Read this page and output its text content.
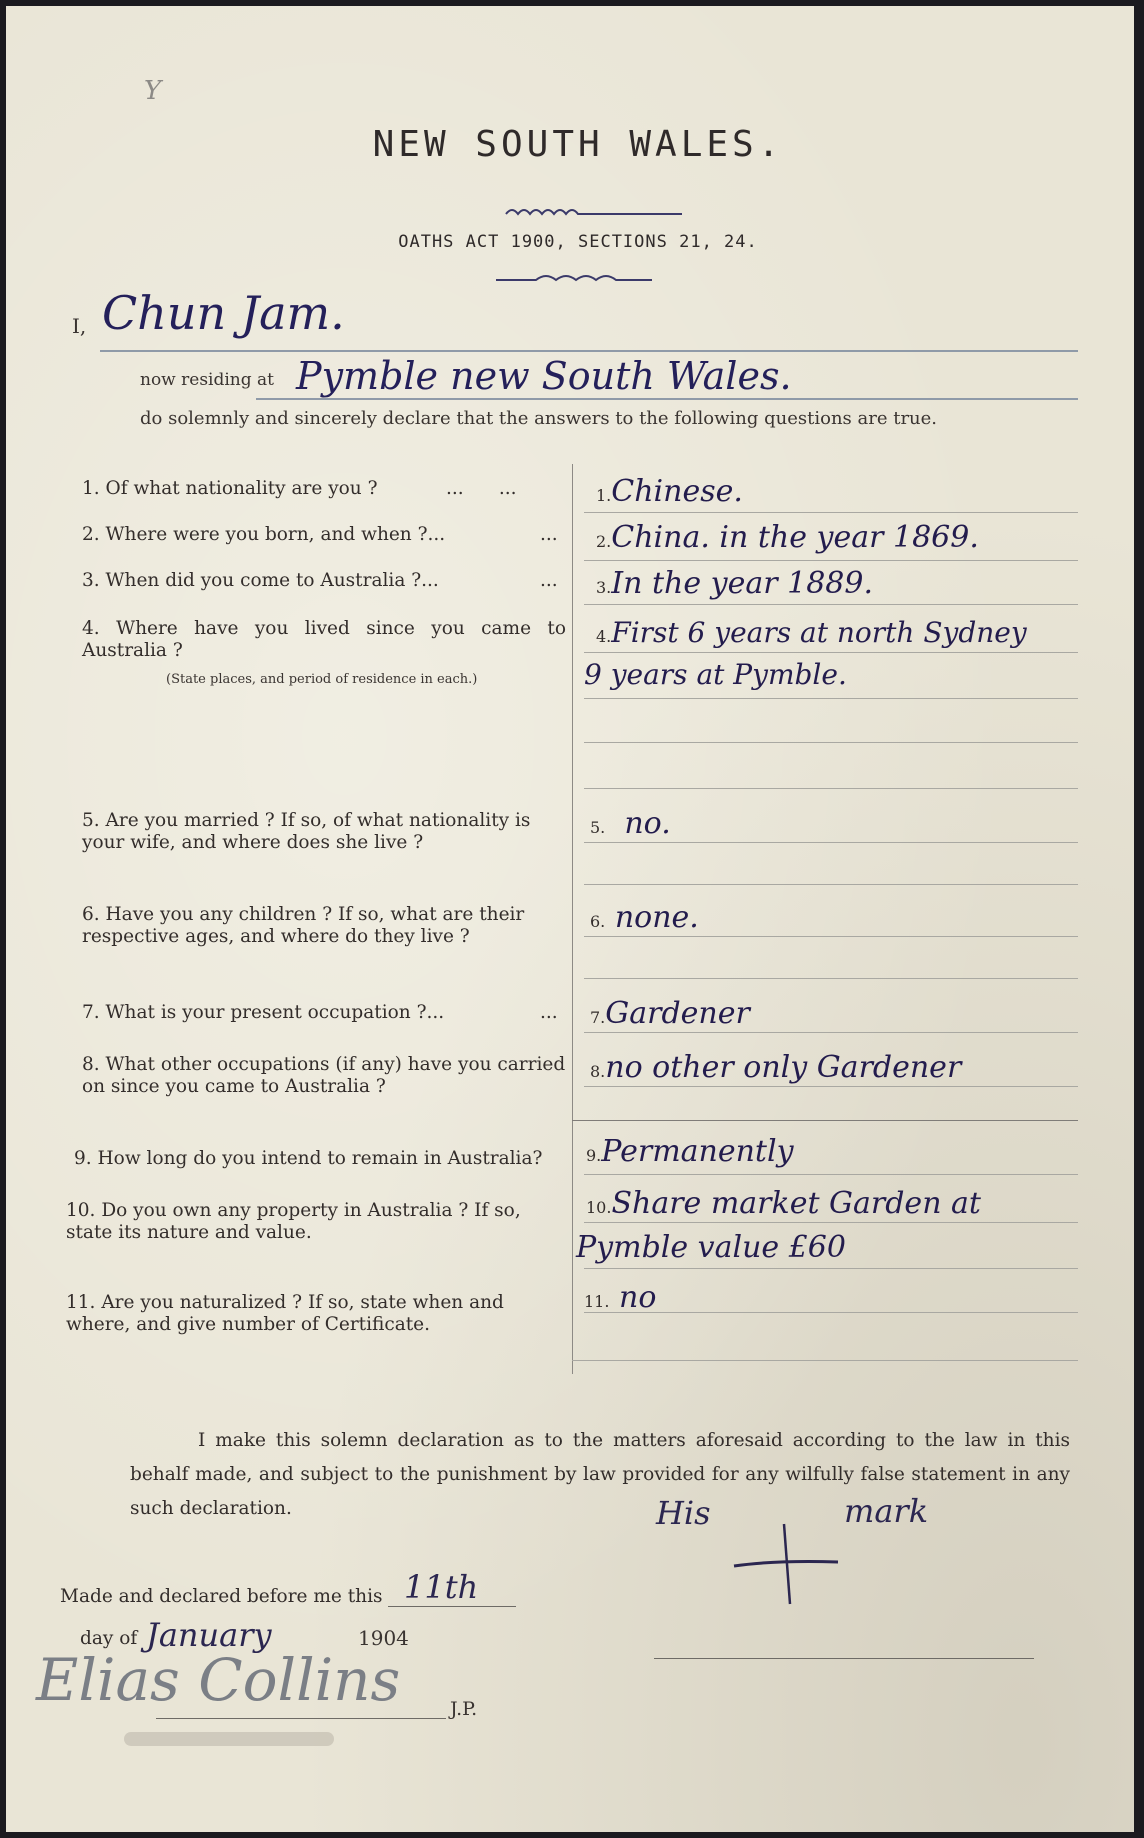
Y
NEW SOUTH WALES.
OATHS ACT 1900, SECTIONS 21, 24.
I, Chun Jam.
now residing at Pymble new South Wales.
do solemnly and sincerely declare that the answers to the following questions are true.
1. Of what nationality are you ?	...      ...	1.Chinese.
2. Where were you born, and when ?...	... 2.China. in the year 1869.
3. When did you come to Australia ?...	... 3.In the year 1889.
4. Where have you lived since you came to Australia ?
(State places, and period of residence in each.)
4.First 6 years at north Sydney
9 years at Pymble.
5. Are you married ? If so, of what nationality is your wife, and where does she live ?
5. no.
6. Have you any children ? If so, what are their respective ages, and where do they live ?
6. none.
7. What is your present occupation ?...	... 7.Gardener
8. What other occupations (if any) have you carried on since you came to Australia ?
8.no other only Gardener
9. How long do you intend to remain in Australia?	9.Permanently
10. Do you own any property in Australia ? If so, state its nature and value.
10.Share market Garden at
Pymble value £60
11. Are you naturalized ? If so, state when and where, and give number of Certificate.
11. no
I make this solemn declaration as to the matters aforesaid according to the law in this behalf made, and subject to the punishment by law provided for any wilfully false statement in any such declaration.	His	mark
Made and declared before me this 11th
day of January	1904
Elias Collins	J.P.
